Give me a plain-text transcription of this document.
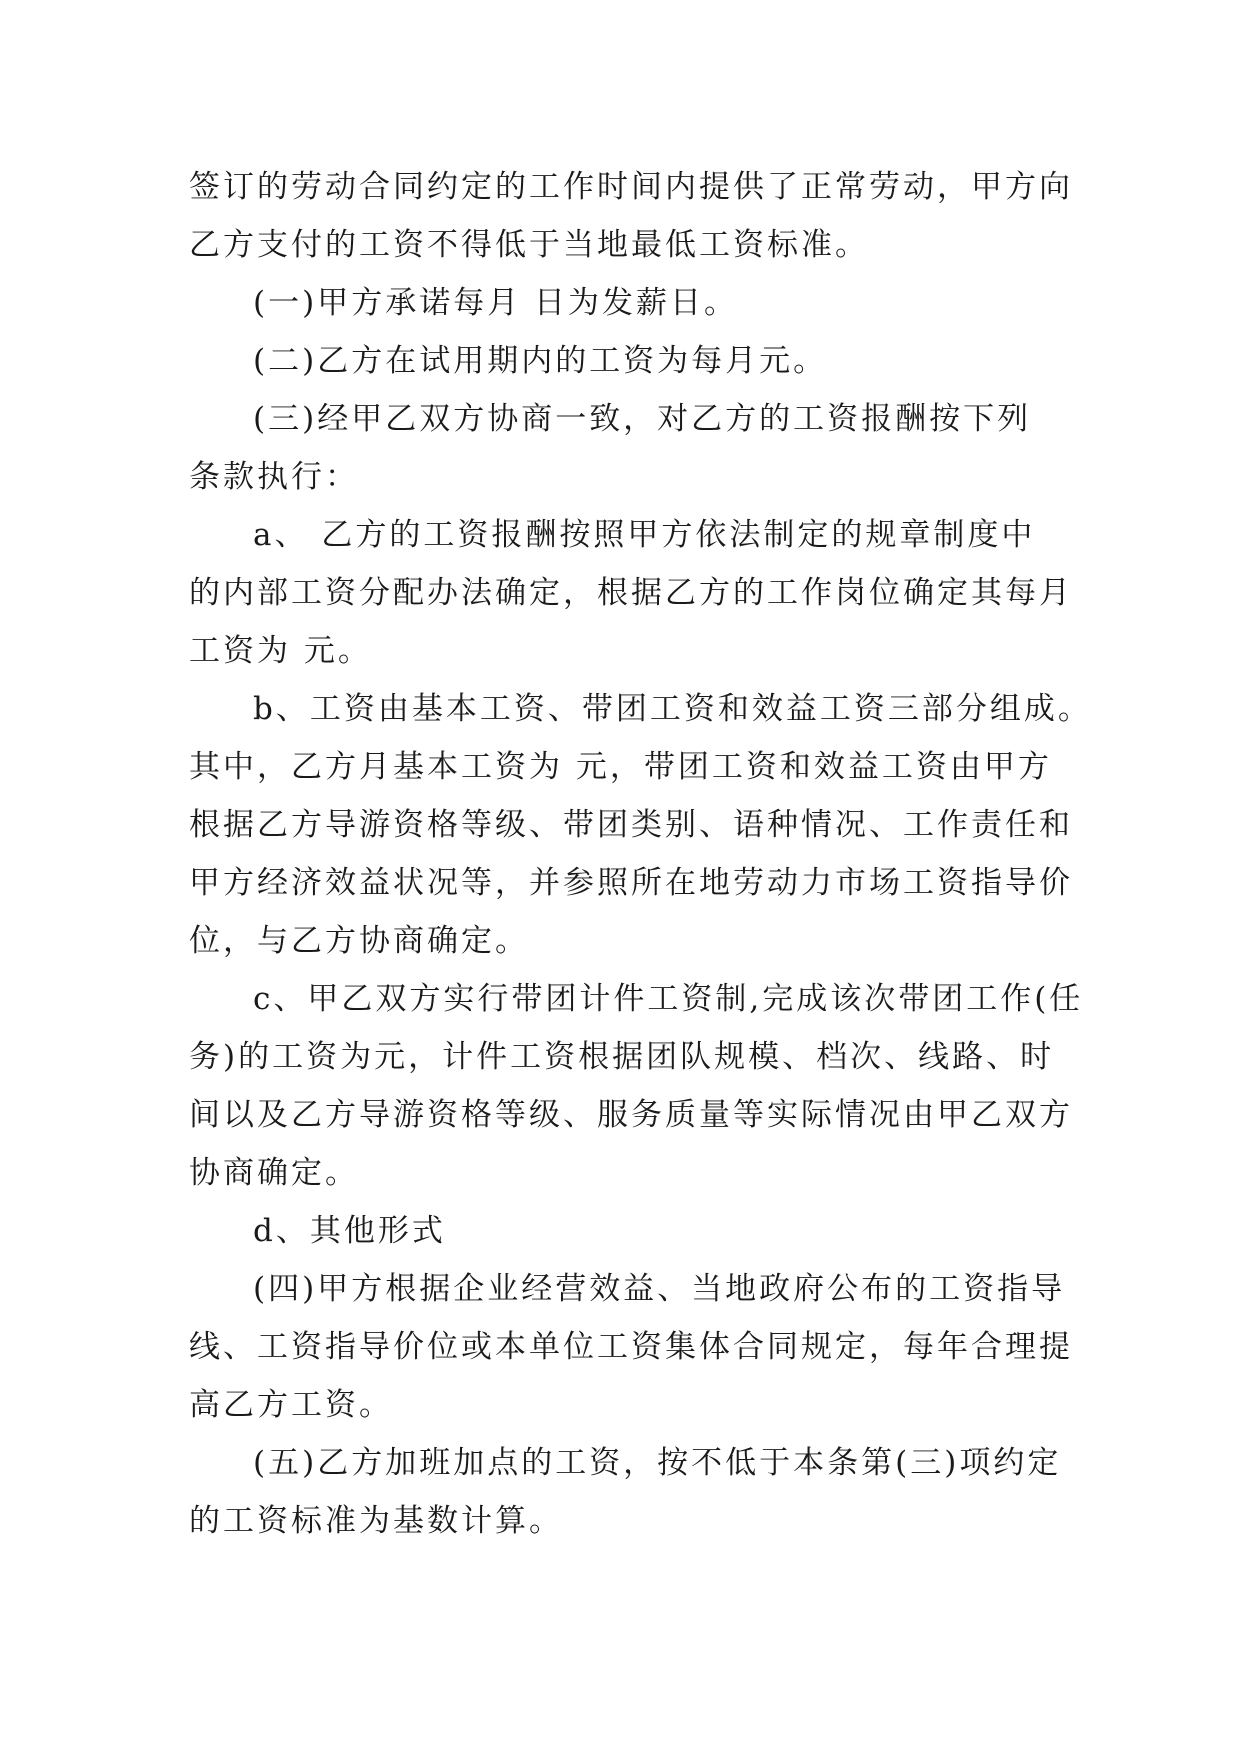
签订的劳动合同约定的工作时间内提供了正常劳动，甲方向
乙方支付的工资不得低于当地最低工资标准。
(一)甲方承诺每月 日为发薪日。
(二)乙方在试用期内的工资为每月元。
(三)经甲乙双方协商一致，对乙方的工资报酬按下列
条款执行：
a、 乙方的工资报酬按照甲方依法制定的规章制度中
的内部工资分配办法确定，根据乙方的工作岗位确定其每月
工资为 元。
b、工资由基本工资、带团工资和效益工资三部分组成。
其中，乙方月基本工资为 元，带团工资和效益工资由甲方
根据乙方导游资格等级、带团类别、语种情况、工作责任和
甲方经济效益状况等，并参照所在地劳动力市场工资指导价
位，与乙方协商确定。
c、甲乙双方实行带团计件工资制,完成该次带团工作(任
务)的工资为元，计件工资根据团队规模、档次、线路、时
间以及乙方导游资格等级、服务质量等实际情况由甲乙双方
协商确定。
d、其他形式
(四)甲方根据企业经营效益、当地政府公布的工资指导
线、工资指导价位或本单位工资集体合同规定，每年合理提
高乙方工资。
(五)乙方加班加点的工资，按不低于本条第(三)项约定
的工资标准为基数计算。
